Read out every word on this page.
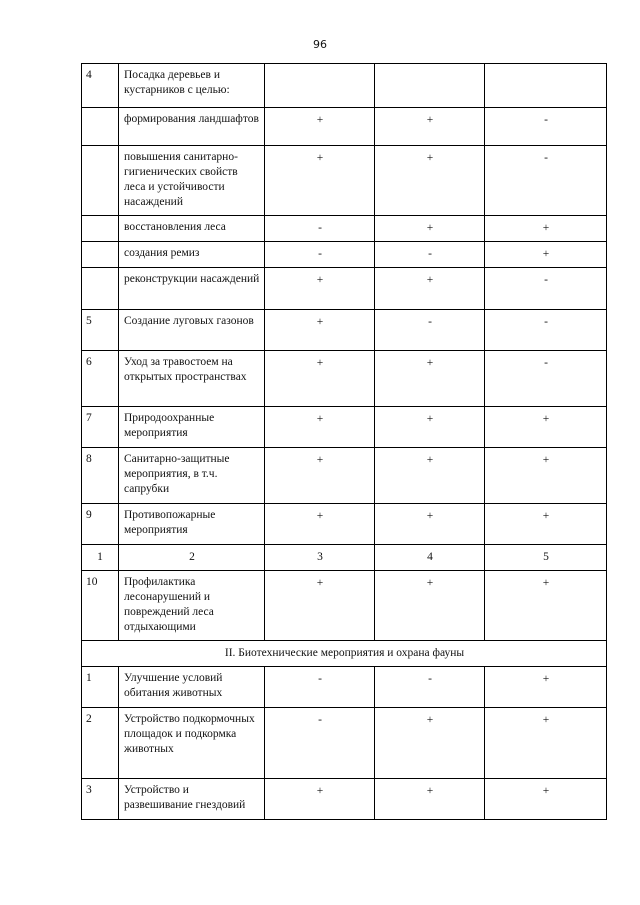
96
4	Посадка деревьев и кустарников с целью:			
	формирования ландшафтов	+	+	-
	повышения санитарно-гигиенических свойств леса и устойчивости насаждений	+	+	-
	восстановления леса	-	+	+
	создания ремиз	-	-	+
	реконструкции насаждений	+	+	-
5	Создание луговых газонов	+	-	-
6	Уход за травостоем на открытых пространствах	+	+	-
7	Природоохранные мероприятия	+	+	+
8	Санитарно-защитные мероприятия, в т.ч. сапрубки	+	+	+
9	Противопожарные мероприятия	+	+	+
1	2	3	4	5
10	Профилактика лесонарушений и повреждений леса отдыхающими	+	+	+
II. Биотехнические мероприятия и охрана фауны				
1	Улучшение условий обитания животных	-	-	+
2	Устройство подкормочных площадок и подкормка животных	-	+	+
3	Устройство и развешивание гнездовий	+	+	+
